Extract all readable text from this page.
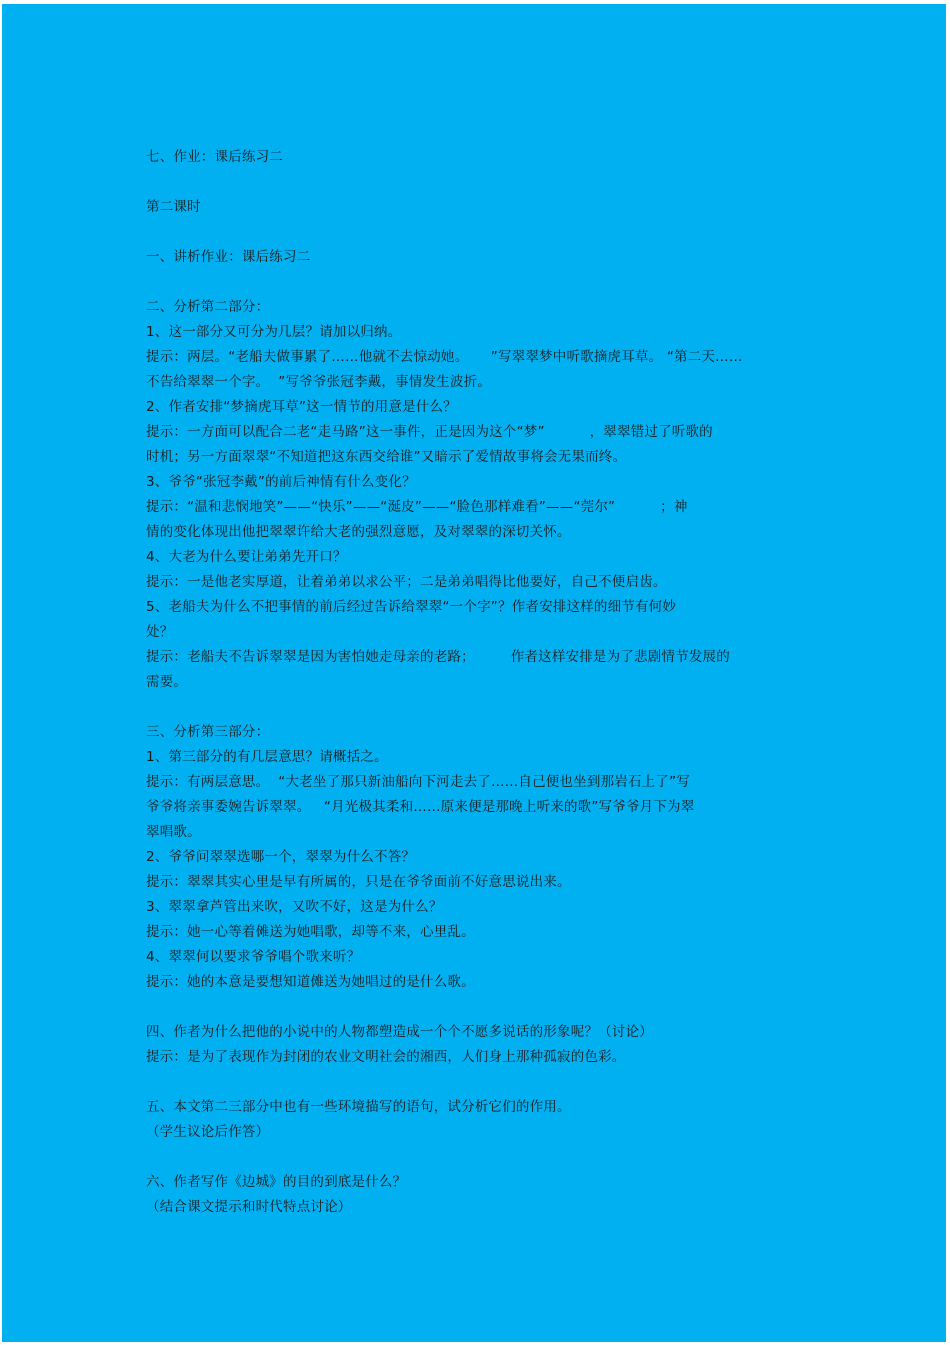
七、作业：课后练习二
第二课时
一、讲析作业：课后练习二
二、分析第二部分：
1、这一部分又可分为几层？请加以归纳。
提示：两层。“老船夫做事累了……他就不去惊动她。     ”写翠翠梦中听歌摘虎耳草。 “第二天……
不告给翠翠一个字。  ”写爷爷张冠李戴，事情发生波折。
2、作者安排“梦摘虎耳草”这一情节的用意是什么？
提示：一方面可以配合二老“走马路”这一事件，正是因为这个“梦”          ，翠翠错过了听歌的
时机；另一方面翠翠“不知道把这东西交给谁”又暗示了爱情故事将会无果而终。
3、爷爷“张冠李戴”的前后神情有什么变化？
提示：“温和悲悯地笑”——“快乐”——“涎皮”——“脸色那样难看”——“莞尔”          ；神
情的变化体现出他把翠翠许给大老的强烈意愿，及对翠翠的深切关怀。
4、大老为什么要让弟弟先开口？
提示：一是他老实厚道，让着弟弟以求公平；二是弟弟唱得比他要好，自己不便启齿。
5、老船夫为什么不把事情的前后经过告诉给翠翠“一个字”？作者安排这样的细节有何妙
处？
提示：老船夫不告诉翠翠是因为害怕她走母亲的老路；        作者这样安排是为了悲剧情节发展的
需要。
三、分析第三部分：
1、第三部分的有几层意思？请概括之。
提示：有两层意思。  “大老坐了那只新油船向下河走去了……自己便也坐到那岩石上了”写
爷爷将亲事委婉告诉翠翠。   “月光极其柔和……原来便是那晚上听来的歌”写爷爷月下为翠
翠唱歌。
2、爷爷问翠翠选哪一个，翠翠为什么不答？
提示：翠翠其实心里是早有所属的，只是在爷爷面前不好意思说出来。
3、翠翠拿芦管出来吹，又吹不好，这是为什么？
提示：她一心等着傩送为她唱歌，却等不来，心里乱。
4、翠翠何以要求爷爷唱个歌来听？
提示：她的本意是要想知道傩送为她唱过的是什么歌。
四、作者为什么把他的小说中的人物都塑造成一个个不愿多说话的形象呢？（讨论）
提示：是为了表现作为封闭的农业文明社会的湘西，人们身上那种孤寂的色彩。
五、本文第二三部分中也有一些环境描写的语句，试分析它们的作用。
（学生议论后作答）
六、作者写作《边城》的目的到底是什么？
（结合课文提示和时代特点讨论）
